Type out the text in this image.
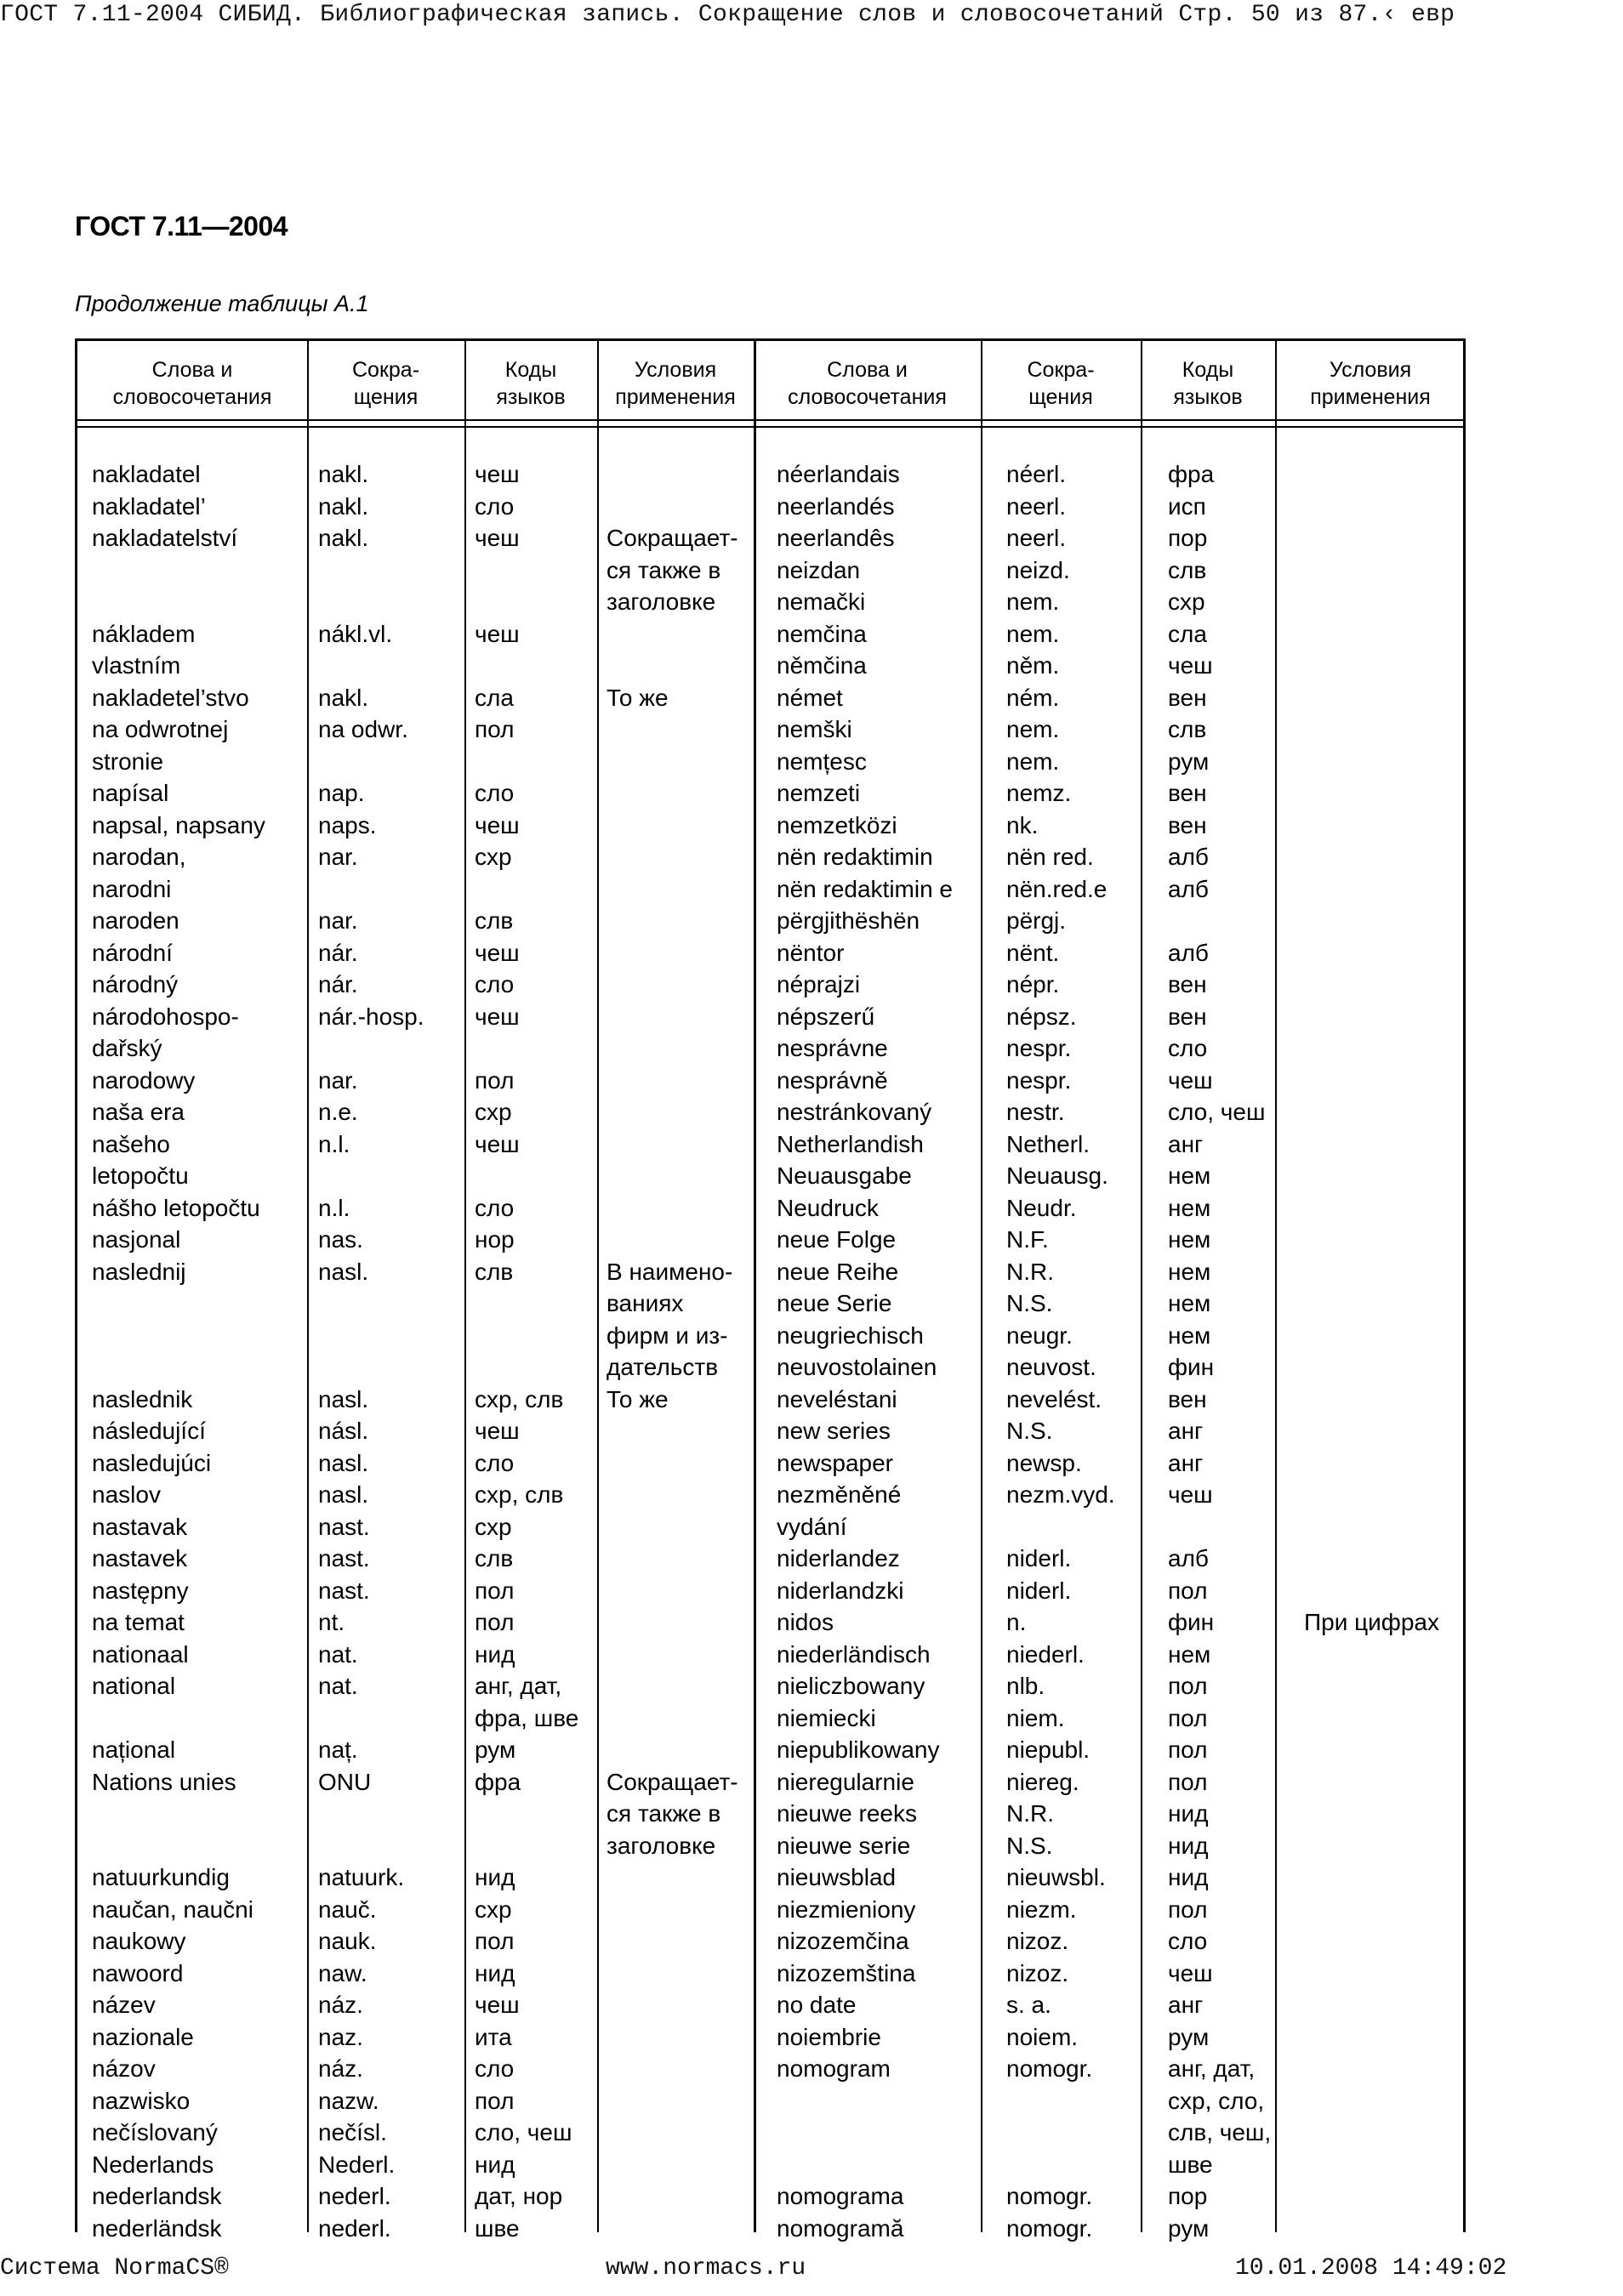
ГОСТ 7.11-2004 СИБИД. Библиографическая запись. Сокращение слов и словосочетаний Стр. 50 из 87.‹ евр
ГОСТ 7.11—2004
Продолжение таблицы А.1
Слова и
словосочетания
Сокра-
щения
Коды
языков
Условия
применения
Слова и
словосочетания
Сокра-
щения
Коды
языков
Условия
применения
nakladatel
nakladatel’
nakladatelství
nákladem
vlastním
nakladetel’stvo
na odwrotnej
stronie
napísal
napsal, napsany
narodan,
narodni
naroden
národní
národný
národohospo-
dařský
narodowy
naša era
našeho
letopočtu
nášho letopočtu
nasjonal
naslednij
naslednik
následující
nasledujúci
naslov
nastavak
nastavek
następny
na temat
nationaal
national
național
Nations unies
natuurkundig
naučan, naučni
naukowy
nawoord
název
nazionale
názov
nazwisko
nečíslovaný
Nederlands
nederlandsk
nederländsk
nakl.
nakl.
nakl.
nákl.vl.
nakl.
na odwr.
nap.
naps.
nar.
nar.
nár.
nár.
nár.-hosp.
nar.
n.e.
n.l.
n.l.
nas.
nasl.
nasl.
násl.
nasl.
nasl.
nast.
nast.
nast.
nt.
nat.
nat.
naț.
ONU
natuurk.
nauč.
nauk.
naw.
náz.
naz.
náz.
nazw.
nečísl.
Nederl.
nederl.
nederl.
чеш
сло
чеш
чеш
сла
пол
сло
чеш
схр
слв
чеш
сло
чеш
пол
схр
чеш
сло
нор
слв
схр, слв
чеш
сло
схр, слв
схр
слв
пол
пол
нид
анг, дат,
фра, шве
рум
фра
нид
схр
пол
нид
чеш
ита
сло
пол
сло, чеш
нид
дат, нор
шве
Сокращает-
ся также в
заголовке
То же
В наимено-
ваниях
фирм и из-
дательств
То же
Сокращает-
ся также в
заголовке
néerlandais
neerlandés
neerlandês
neizdan
nemački
nemčina
němčina
német
nemški
nemțesc
nemzeti
nemzetközi
nën redaktimin
nën redaktimin e
përgjithëshën
nëntor
néprajzi
népszerű
nesprávne
nesprávně
nestránkovaný
Netherlandish
Neuausgabe
Neudruck
neue Folge
neue Reihe
neue Serie
neugriechisch
neuvostolainen
neveléstani
new series
newspaper
nezměněné
vydání
niderlandez
niderlandzki
nidos
niederländisch
nieliczbowany
niemiecki
niepublikowany
nieregularnie
nieuwe reeks
nieuwe serie
nieuwsblad
niezmieniony
nizozemčina
nizozemština
no date
noiembrie
nomogram
nomograma
nomogramă
néerl.
neerl.
neerl.
neizd.
nem.
nem.
něm.
ném.
nem.
nem.
nemz.
nk.
nën red.
nën.red.e
përgj.
nënt.
népr.
népsz.
nespr.
nespr.
nestr.
Netherl.
Neuausg.
Neudr.
N.F.
N.R.
N.S.
neugr.
neuvost.
nevelést.
N.S.
newsp.
nezm.vyd.
niderl.
niderl.
n.
niederl.
nlb.
niem.
niepubl.
niereg.
N.R.
N.S.
nieuwsbl.
niezm.
nizoz.
nizoz.
s. a.
noiem.
nomogr.
nomogr.
nomogr.
фра
исп
пор
слв
схр
сла
чеш
вен
слв
рум
вен
вен
алб
алб
алб
вен
вен
сло
чеш
сло, чеш
анг
нем
нем
нем
нем
нем
нем
фин
вен
анг
анг
чеш
алб
пол
фин
нем
пол
пол
пол
пол
нид
нид
нид
пол
сло
чеш
анг
рум
анг, дат,
схр, сло,
слв, чеш,
шве
пор
рум
При цифрах
Система NormaCS®	www.normacs.ru	10.01.2008 14:49:02
